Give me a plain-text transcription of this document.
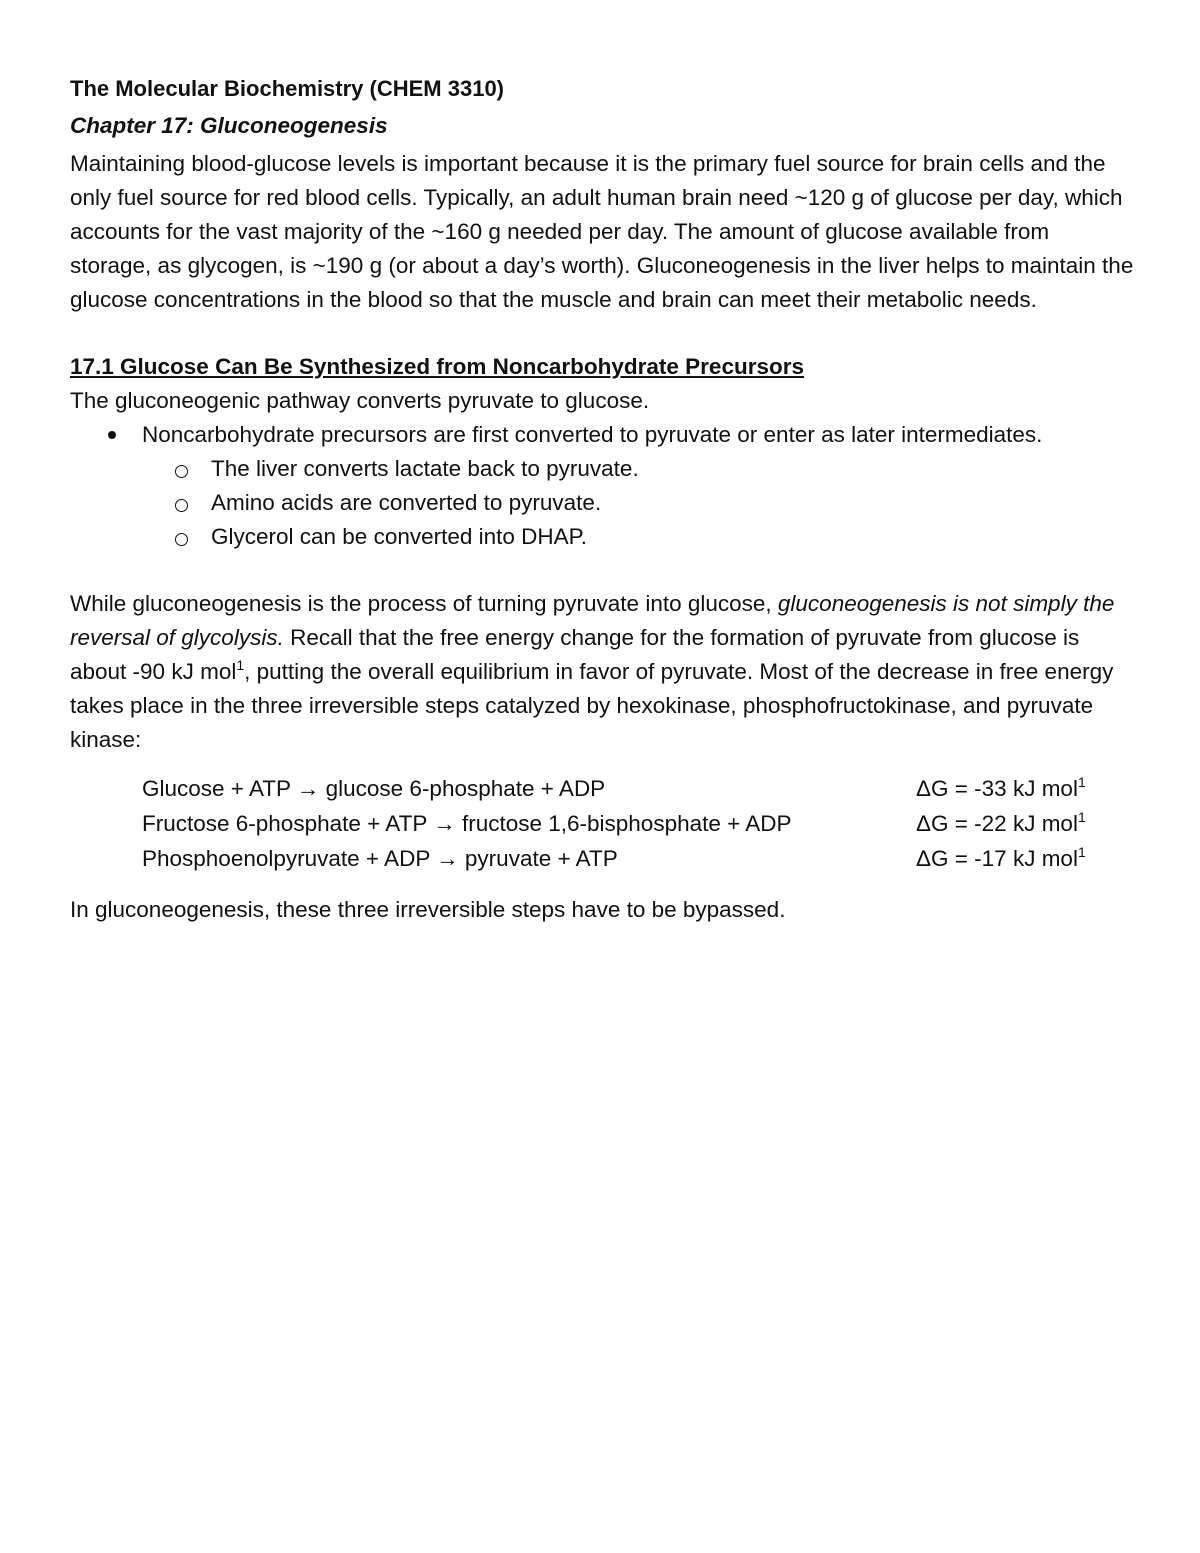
The Molecular Biochemistry (CHEM 3310)

Chapter 17: Gluconeogenesis

Maintaining blood-glucose levels is important because it is the primary fuel source for brain cells and the only fuel source for red blood cells. Typically, an adult human brain need ~120 g of glucose per day, which accounts for the vast majority of the ~160 g needed per day. The amount of glucose available from storage, as glycogen, is ~190 g (or about a day’s worth). Gluconeogenesis in the liver helps to maintain the glucose concentrations in the blood so that the muscle and brain can meet their metabolic needs.

17.1 Glucose Can Be Synthesized from Noncarbohydrate Precursors

The gluconeogenic pathway converts pyruvate to glucose.

Noncarbohydrate precursors are first converted to pyruvate or enter as later intermediates.
The liver converts lactate back to pyruvate.
Amino acids are converted to pyruvate.
Glycerol can be converted into DHAP.

While gluconeogenesis is the process of turning pyruvate into glucose, gluconeogenesis is not simply the reversal of glycolysis. Recall that the free energy change for the formation of pyruvate from glucose is about -90 kJ mol$^1$, putting the overall equilibrium in favor of pyruvate. Most of the decrease in free energy takes place in the three irreversible steps catalyzed by hexokinase, phosphofructokinase, and pyruvate kinase:

Glucose + ATP → glucose 6-phosphate + ADP	ΔG = -33 kJ mol$^1$
Fructose 6-phosphate + ATP → fructose 1,6-bisphosphate + ADP	ΔG = -22 kJ mol$^1$
Phosphoenolpyruvate + ADP → pyruvate + ATP	ΔG = -17 kJ mol$^1$

In gluconeogenesis, these three irreversible steps have to be bypassed.
